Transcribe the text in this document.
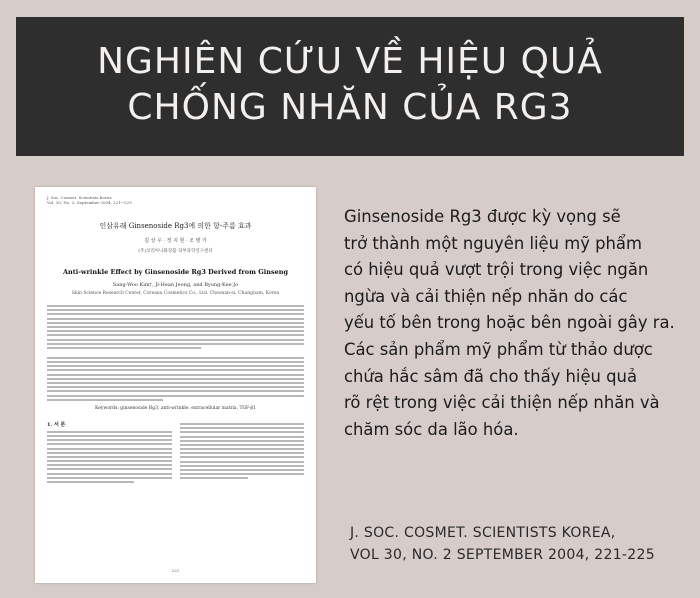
NGHIÊN CỨU VỀ HIỆU QUẢ
CHỐNG NHĂN CỦA RG3
J. Soc. Cosmet. Scientists Korea
Vol. 30, No. 2, September 2004, 221~225
인삼유래 Ginsenoside Rg3에 의한 항-주름 효과
김 상 우 · 정 지 현 · 조 병 기
(주)코리아나화장품 피부과학연구센터
Anti-wrinkle Effect by Ginsenoside Rg3 Derived from Ginseng
Sang-Woo Kim†, Ji-Hean Jeong, and Byung-Kee Jo
Skin Science Research Center, Coreana Cosmetics Co., Ltd. Cheonan-si, Chungnam, Korea
Keywords: ginsenoside Rg3, anti-wrinkle, extracellular matrix, TGF-β1
1. 서 론
221
Ginsenoside Rg3 được kỳ vọng sẽ
trở thành một nguyên liệu mỹ phẩm
có hiệu quả vượt trội trong việc ngăn
ngừa và cải thiện nếp nhăn do các
yếu tố bên trong hoặc bên ngoài gây ra.
Các sản phẩm mỹ phẩm từ thảo dược
chứa hắc sâm đã cho thấy hiệu quả
rõ rệt trong việc cải thiện nếp nhăn và
chăm sóc da lão hóa.
J. SOC. COSMET. SCIENTISTS KOREA,
VOL 30, NO. 2 SEPTEMBER 2004, 221-225
